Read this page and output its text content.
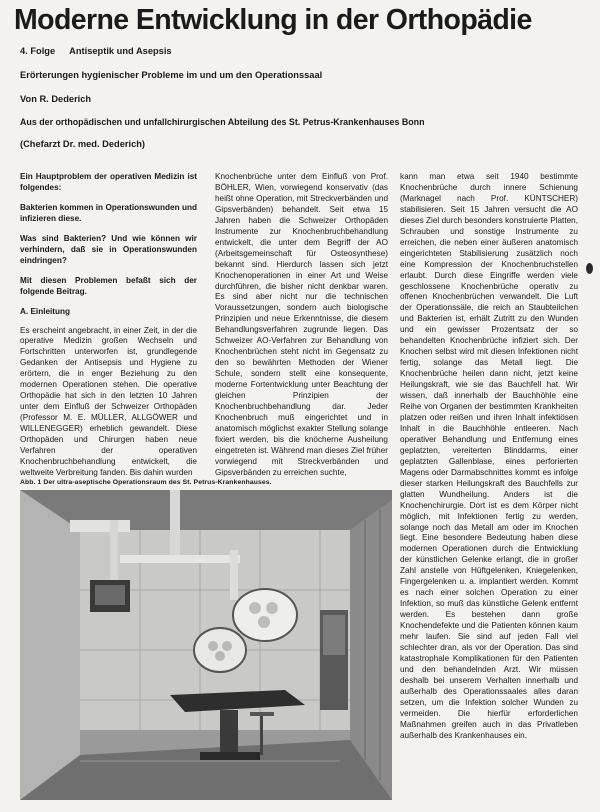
Moderne Entwicklung in der Orthopädie
4. Folge Antiseptik und Asepsis
Erörterungen hygienischer Probleme im und um den Operationssaal
Von R. Dederich
Aus der orthopädischen und unfallchirurgischen Abteilung des St. Petrus-Krankenhauses Bonn
(Chefarzt Dr. med. Dederich)

Ein Hauptproblem der operativen Medizin ist folgendes:

Bakterien kommen in Operationswunden und infizieren diese.

Was sind Bakterien? Und wie können wir verhindern, daß sie in Operationswunden eindringen?

Mit diesen Problemen befaßt sich der folgende Beitrag.

A. Einleitung

Es erscheint angebracht, in einer Zeit, in der die operative Medizin großen Wechseln und Fortschritten unterworfen ist, grundlegende Gedanken der Antisepsis und Hygiene zu erörtern, die in enger Beziehung zu den modernen Operationen stehen. Die operative Orthopädie hat sich in den letzten 10 Jahren unter dem Einfluß der Schweizer Orthopäden (Professor M. E. MÜLLER, ALLGÖWER und WILLENEGGER) erheblich gewandelt. Diese Orthopäden und Chirurgen haben neue Verfahren der operativen Knochenbruchbehandlung entwickelt, die weltweite Verbreitung fanden. Bis dahin wurden

Knochenbrüche unter dem Einfluß von Prof. BÖHLER, Wien, vorwiegend konservativ (das heißt ohne Operation, mit Streckverbänden und Gipsverbänden) behandelt. Seit etwa 15 Jahren haben die Schweizer Orthopäden Instrumente zur Knochenbruchbehandlung entwickelt, die unter dem Begriff der AO (Arbeitsgemeinschaft für Osteosynthese) bekannt sind. Hierdurch lassen sich jetzt Knochenoperationen in einer Art und Weise durchführen, die bisher nicht denkbar waren. Es sind aber nicht nur die technischen Voraussetzungen, sondern auch biologische Prinzipien und neue Erkenntnisse, die diesem Behandlungsverfahren zugrunde liegen. Das Schweizer AO-Verfahren zur Behandlung von Knochenbrüchen steht nicht im Gegensatz zu den so bewährten Methoden der Wiener Schule, sondern stellt eine konsequente, moderne Fortentwicklung unter Beachtung der gleichen Prinzipien der Knochenbruchbehandlung dar. Jeder Knochenbruch muß eingerichtet und in anatomisch möglichst exakter Stellung solange fixiert werden, bis die knöcherne Ausheilung eingetreten ist. Während man dieses Ziel früher vorwiegend mit Streckverbänden und Gipsverbänden zu erreichen suchte,

kann man etwa seit 1940 bestimmte Knochenbrüche durch innere Schienung (Marknagel nach Prof. KÜNTSCHER) stabilisieren. Seit 15 Jahren versucht die AO dieses Ziel durch besonders konstruierte Platten, Schrauben und sonstige Instrumente zu erreichen, die neben einer äußeren anatomisch eingerichteten Stabilisierung zusätzlich noch eine Kompression der Knochenbruchstellen erlaubt. Durch diese Eingriffe werden viele geschlossene Knochenbrüche operativ zu offenen Knochenbrüchen verwandelt. Die Luft der Operationssäle, die reich an Staubteilchen und Bakterien ist, erhält Zutritt zu den Wunden und ein gewisser Prozentsatz der so behandelten Knochenbrüche infiziert sich. Der Knochen selbst wird mit diesen Infektionen nicht fertig, solange das Metall liegt. Die Knochenbrüche heilen dann nicht, jetzt keine Heilungskraft, wie sie das Bauchfell hat. Wir wissen, daß innerhalb der Bauchhöhle eine Reihe von Organen der bestimmten Krankheiten platzen oder reißen und ihren Inhalt infektiösen Inhalt in die Bauchhöhle entleeren. Nach operativer Behandlung und Entfernung eines geplatzten, vereiterten Blinddarms, einer geplatzten Gallenblase, eines perforierten Magens oder Darmabschnittes kommt es infolge dieser starken Heilungskraft des Bauchfells zur glatten Wundheilung. Anders ist die Knochenchirurgie. Dort ist es dem Körper nicht möglich, mit Infektionen fertig zu werden, solange noch das Metall am oder im Knochen liegt. Eine besondere Bedeutung haben diese modernen Operationen durch die Entwicklung der künstlichen Gelenke erlangt, die in großer Zahl anstelle von Hüftgelenken, Kniegelenken, Fingergelenken u. a. implantiert werden. Kommt es nach einer solchen Operation zu einer Infektion, so muß das künstliche Gelenk entfernt werden. Es bestehen dann große Knochendefekte und die Patienten können kaum mehr laufen. Sie sind auf jeden Fall viel schlechter dran, als vor der Operation. Das sind katastrophale Komplikationen für den Patienten und den behandelnden Arzt. Wir müssen deshalb bei unserem Verhalten innerhalb und außerhalb des Operationssaales alles daran setzen, um die Infektion solcher Wunden zu vermeiden. Die hierfür erforderlichen Maßnahmen greifen auch in das Privatleben außerhalb des Krankenhauses ein.

Abb. 1 Der ultra-aseptische Operationsraum des St. Petrus-Krankenhauses.
